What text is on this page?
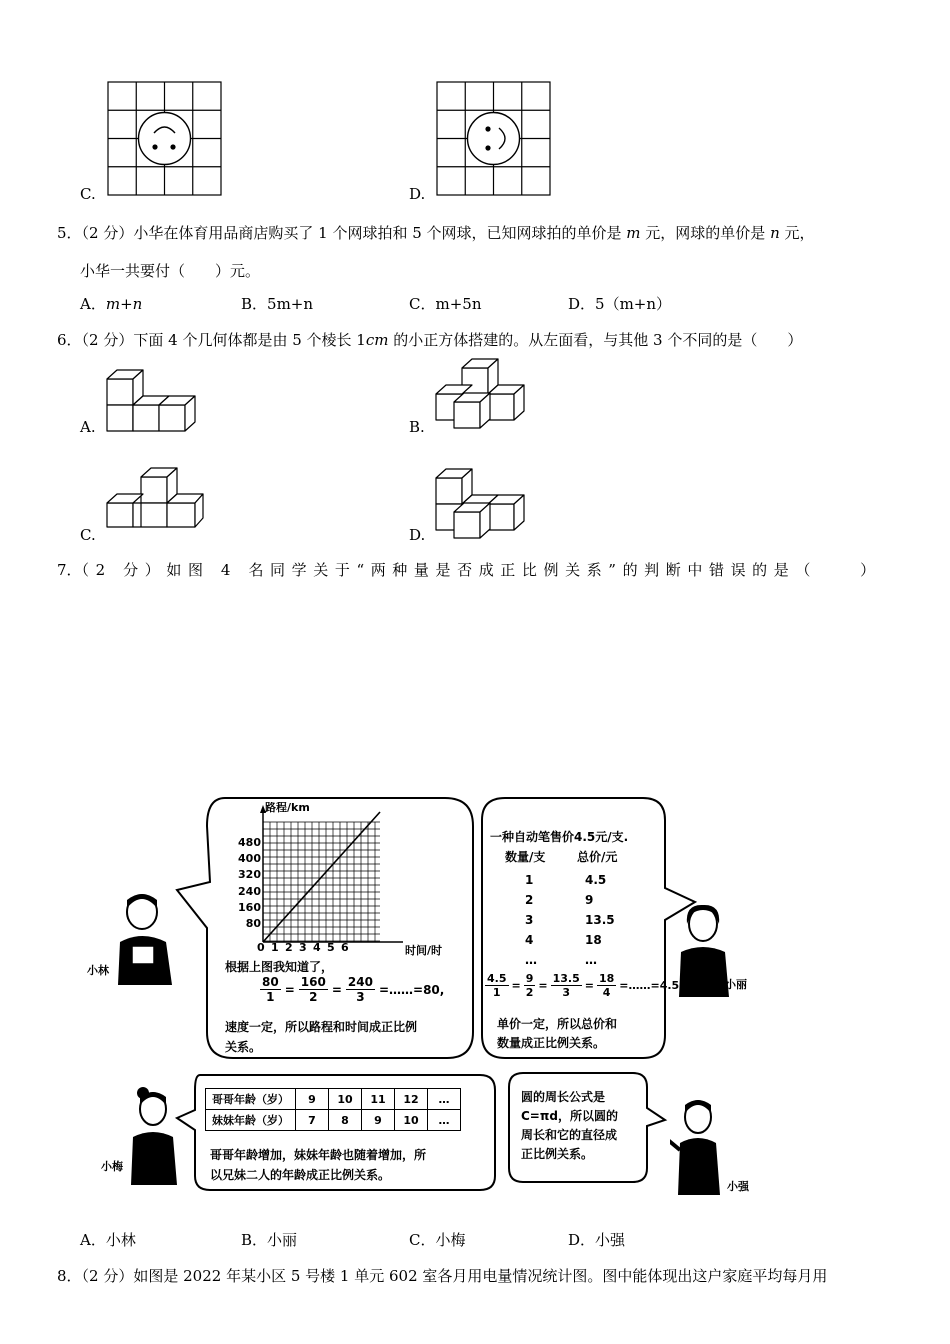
C.	D.
5．（2 分）小华在体育用品商店购买了 1 个网球拍和 5 个网球，已知网球拍的单价是 m 元，网球的单价是 n 元，
小华一共要付（　　）元。
A．m+n	B．5m+n	C．m+5n	D．5（m+n）
6．（2 分）下面 4 个几何体都是由 5 个棱长 1cm 的小正方体搭建的。从左面看，与其他 3 个不同的是（　　）
A.	B.
C.	D.
7．（2 分）如图 4 名同学关于“两种量是否成正比例关系”的判断中错误的是（　　）
路程/km
480
400
320
240
160
80
0 1 2 3 4 5 6	时间/时
根据上图我知道了，
$\frac{80}{1} = \frac{160}{2} = \frac{240}{3}$ =……=80,
速度一定，所以路程和时间成正比例
关系。
一种自动笔售价4.5元/支.
数量/支	总价/元
1	4.5
2	9
3	13.5
4	18
…	…
$\frac{4.5}{1} = \frac{9}{2} = \frac{13.5}{3} = \frac{18}{4}$ =……=4.5
单价一定，所以总价和
数量成正比例关系。
哥哥年龄（岁）	9	10	11	12	…
妹妹年龄（岁）	7	8	9	10	…
哥哥年龄增加，妹妹年龄也随着增加，所
以兄妹二人的年龄成正比例关系。
圆的周长公式是
C=πd，所以圆的
周长和它的直径成
正比例关系。
小林
小丽
小梅
小强
A．小林	B．小丽	C．小梅	D．小强
8．（2 分）如图是 2022 年某小区 5 号楼 1 单元 602 室各月用电量情况统计图。图中能体现出这户家庭平均每月用
